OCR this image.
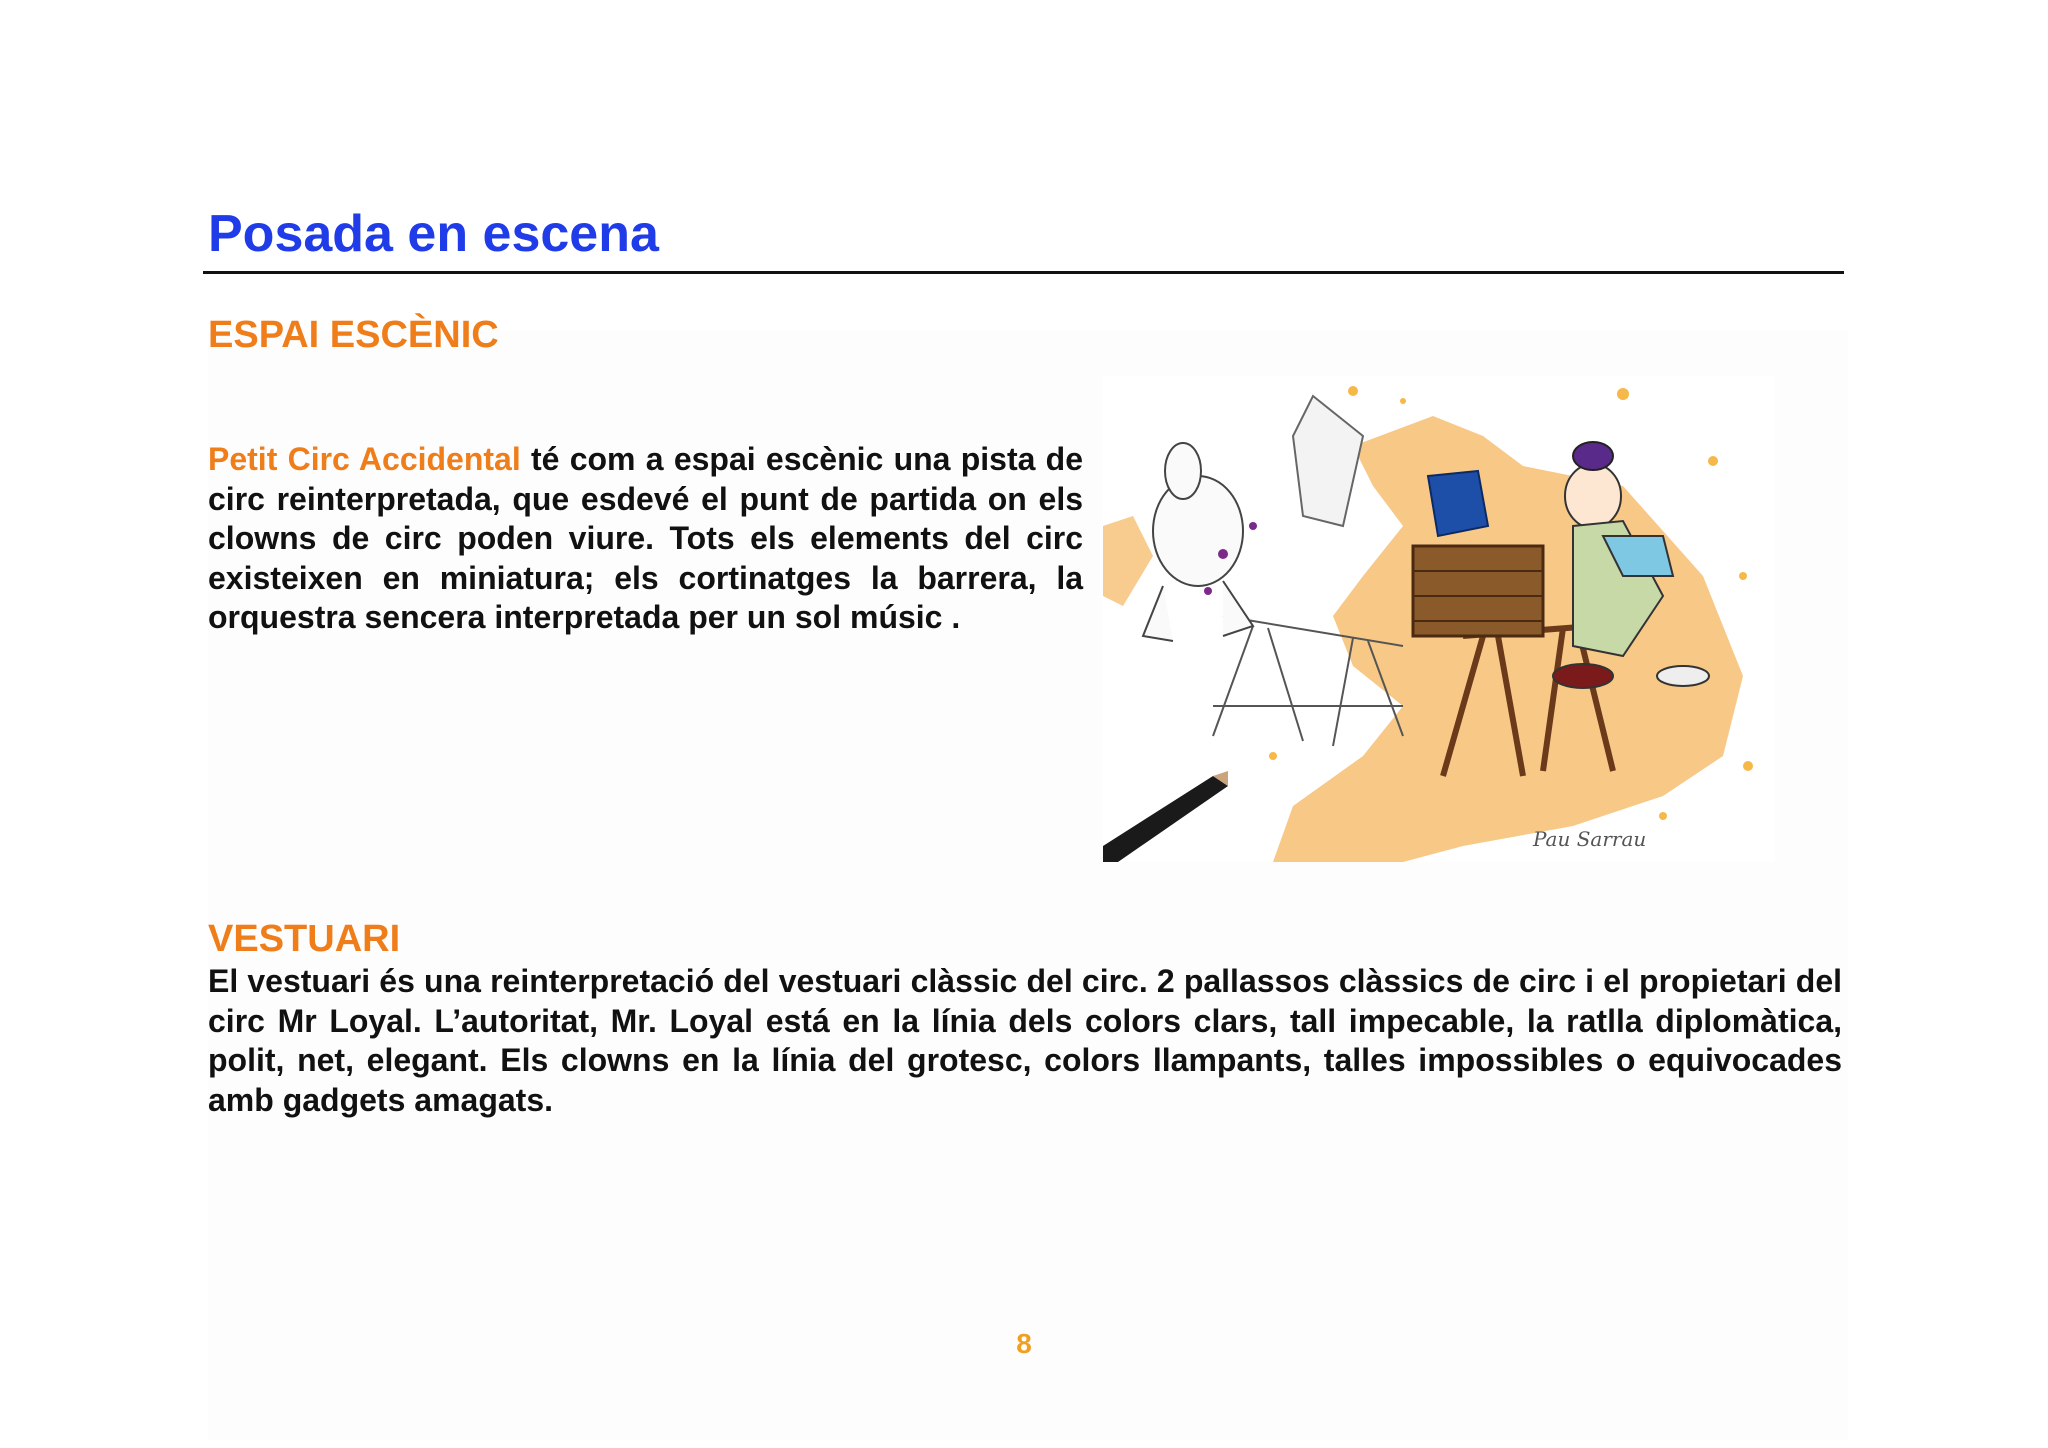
Posada en escena
ESPAI ESCÈNIC

Petit Circ Accidental té com a espai escènic una pista de circ reinterpretada, que esdevé el punt de partida on els clowns de circ poden viure. Tots els elements del circ existeixen en miniatura; els cortinatges la barrera, la orquestra sencera interpretada per un sol músic .

Pau Sarrau
VESTUARI

El vestuari és una reinterpretació del vestuari clàssic del circ. 2 pallassos clàssics de circ i el propietari del circ Mr Loyal. L’autoritat, Mr. Loyal está en la línia dels colors clars, tall impecable, la ratlla diplomàtica, polit, net, elegant. Els clowns en la línia del grotesc, colors llampants, talles impossibles o equivocades amb gadgets amagats.

8
